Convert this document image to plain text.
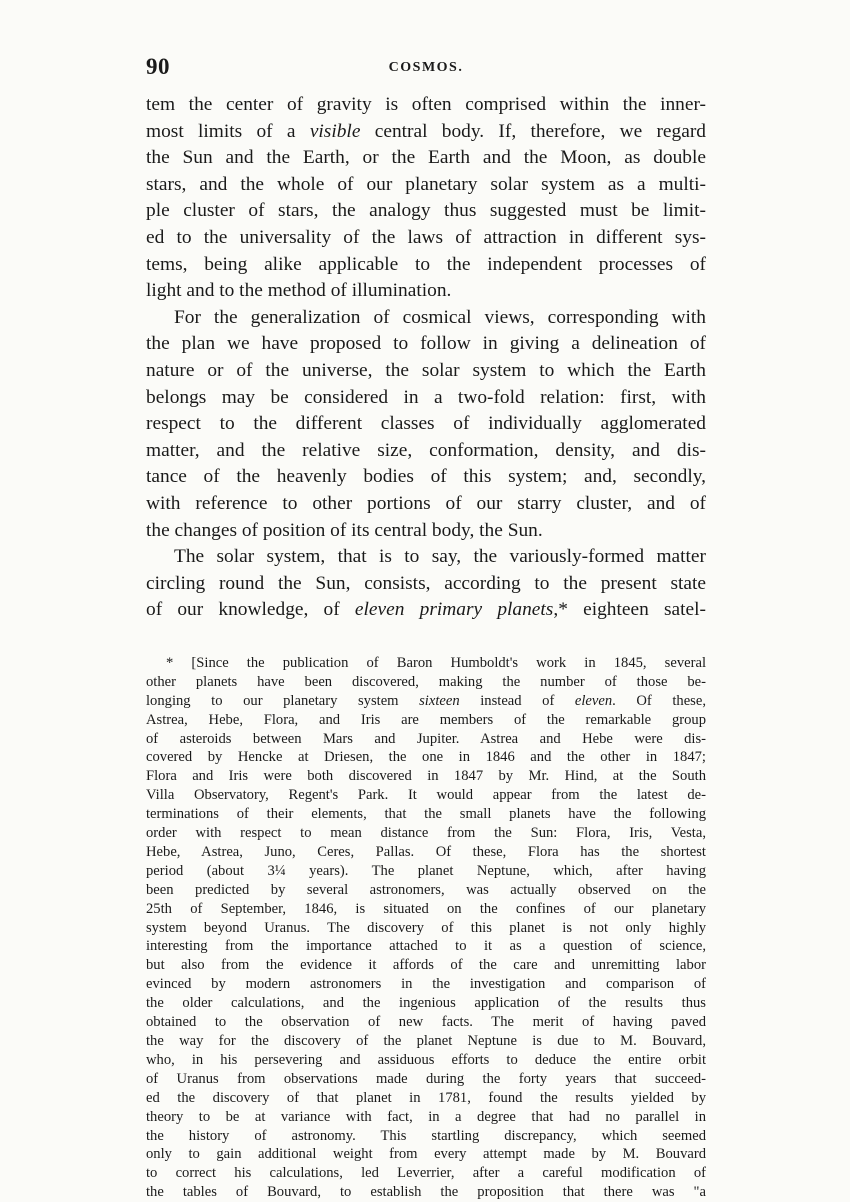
90	COSMOS.
tem the center of gravity is often comprised within the inner-
most limits of a visible central body. If, therefore, we regard
the Sun and the Earth, or the Earth and the Moon, as double
stars, and the whole of our planetary solar system as a multi-
ple cluster of stars, the analogy thus suggested must be limit-
ed to the universality of the laws of attraction in different sys-
tems, being alike applicable to the independent processes of
light and to the method of illumination.
For the generalization of cosmical views, corresponding with
the plan we have proposed to follow in giving a delineation of
nature or of the universe, the solar system to which the Earth
belongs may be considered in a two-fold relation: first, with
respect to the different classes of individually agglomerated
matter, and the relative size, conformation, density, and dis-
tance of the heavenly bodies of this system; and, secondly,
with reference to other portions of our starry cluster, and of
the changes of position of its central body, the Sun.
The solar system, that is to say, the variously-formed matter
circling round the Sun, consists, according to the present state
of our knowledge, of eleven primary planets,* eighteen satel-
* [Since the publication of Baron Humboldt's work in 1845, several
other planets have been discovered, making the number of those be-
longing to our planetary system sixteen instead of eleven. Of these,
Astrea, Hebe, Flora, and Iris are members of the remarkable group
of asteroids between Mars and Jupiter. Astrea and Hebe were dis-
covered by Hencke at Driesen, the one in 1846 and the other in 1847;
Flora and Iris were both discovered in 1847 by Mr. Hind, at the South
Villa Observatory, Regent's Park. It would appear from the latest de-
terminations of their elements, that the small planets have the following
order with respect to mean distance from the Sun: Flora, Iris, Vesta,
Hebe, Astrea, Juno, Ceres, Pallas. Of these, Flora has the shortest
period (about 3¼ years). The planet Neptune, which, after having
been predicted by several astronomers, was actually observed on the
25th of September, 1846, is situated on the confines of our planetary
system beyond Uranus. The discovery of this planet is not only highly
interesting from the importance attached to it as a question of science,
but also from the evidence it affords of the care and unremitting labor
evinced by modern astronomers in the investigation and comparison of
the older calculations, and the ingenious application of the results thus
obtained to the observation of new facts. The merit of having paved
the way for the discovery of the planet Neptune is due to M. Bouvard,
who, in his persevering and assiduous efforts to deduce the entire orbit
of Uranus from observations made during the forty years that succeed-
ed the discovery of that planet in 1781, found the results yielded by
theory to be at variance with fact, in a degree that had no parallel in
the history of astronomy. This startling discrepancy, which seemed
only to gain additional weight from every attempt made by M. Bouvard
to correct his calculations, led Leverrier, after a careful modification of
the tables of Bouvard, to establish the proposition that there was "a
